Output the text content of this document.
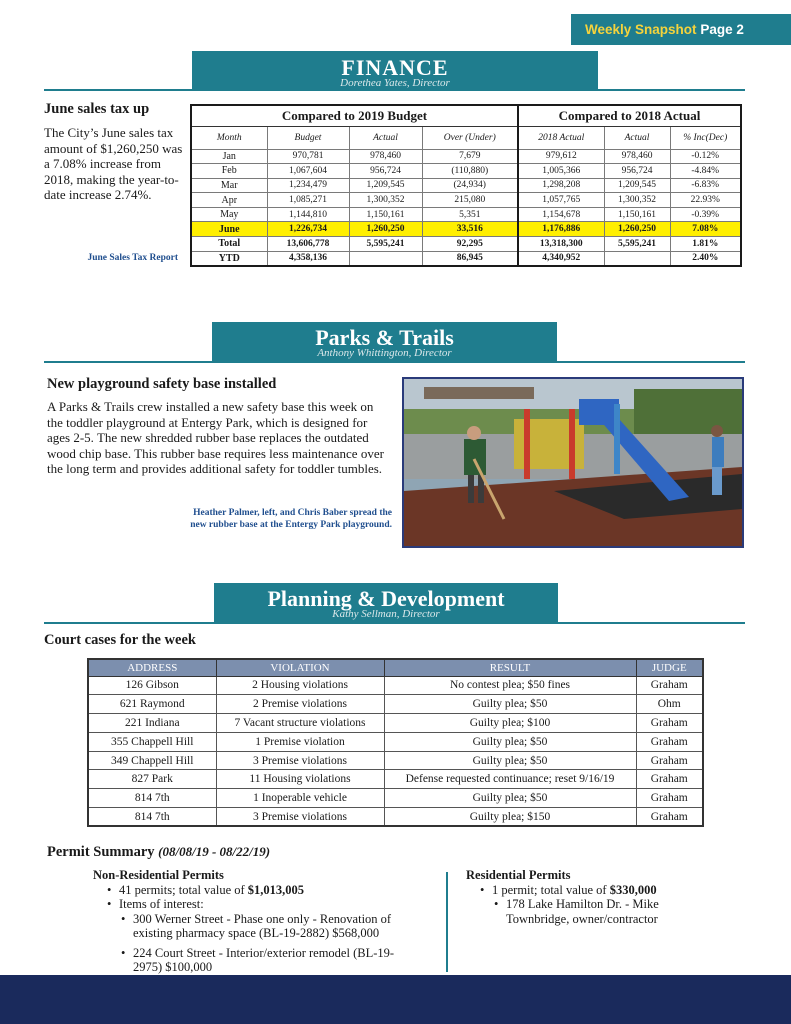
Weekly Snapshot Page 2
FINANCE
Dorethea Yates, Director
June sales tax up
The City’s June sales tax amount of $1,260,250 was a 7.08% increase from 2018, making the year-to-date increase 2.74%.
June Sales Tax Report
Compared to 2019 Budget				Compared to 2018 Actual		
Month	Budget	Actual	Over (Under)	2018 Actual	Actual	% Inc(Dec)
Jan	970,781	978,460	7,679	979,612	978,460	-0.12%
Feb	1,067,604	956,724	(110,880)	1,005,366	956,724	-4.84%
Mar	1,234,479	1,209,545	(24,934)	1,298,208	1,209,545	-6.83%
Apr	1,085,271	1,300,352	215,080	1,057,765	1,300,352	22.93%
May	1,144,810	1,150,161	5,351	1,154,678	1,150,161	-0.39%
June	1,226,734	1,260,250	33,516	1,176,886	1,260,250	7.08%
Total	13,606,778	5,595,241	92,295	13,318,300	5,595,241	1.81%
YTD	4,358,136		86,945	4,340,952		2.40%
Parks & Trails
Anthony Whittington, Director
New playground safety base installed
A Parks & Trails crew installed a new safety base this week on the toddler playground at Entergy Park, which is designed for ages 2-5. The new shredded rubber base replaces the outdated wood chip base. This rubber base requires less maintenance over the long term and provides additional safety for toddler tumbles.
Heather Palmer, left, and Chris Baber spread the
new rubber base at the Entergy Park playground.
Planning & Development
Kathy Sellman, Director
Court cases for the week
ADDRESS	VIOLATION	RESULT	JUDGE
126 Gibson	2 Housing violations	No contest plea; $50 fines	Graham
621 Raymond	2 Premise violations	Guilty plea; $50	Ohm
221 Indiana	7 Vacant structure violations	Guilty plea; $100	Graham
355 Chappell Hill	1 Premise violation	Guilty plea; $50	Graham
349 Chappell Hill	3 Premise violations	Guilty plea; $50	Graham
827 Park	11 Housing violations	Defense requested continuance; reset 9/16/19	Graham
814 7th	1 Inoperable vehicle	Guilty plea; $50	Graham
814 7th	3 Premise violations	Guilty plea; $150	Graham
Permit Summary (08/08/19 - 08/22/19)
Non-Residential Permits
• 41 permits; total value of $1,013,005
• Items of interest:
• 300 Werner Street - Phase one only - Renovation of existing pharmacy space (BL-19-2882) $568,000
• 224 Court Street - Interior/exterior remodel (BL-19-2975) $100,000
Residential Permits
• 1 permit; total value of $330,000
• 178 Lake Hamilton Dr. - Mike Townbridge, owner/contractor
